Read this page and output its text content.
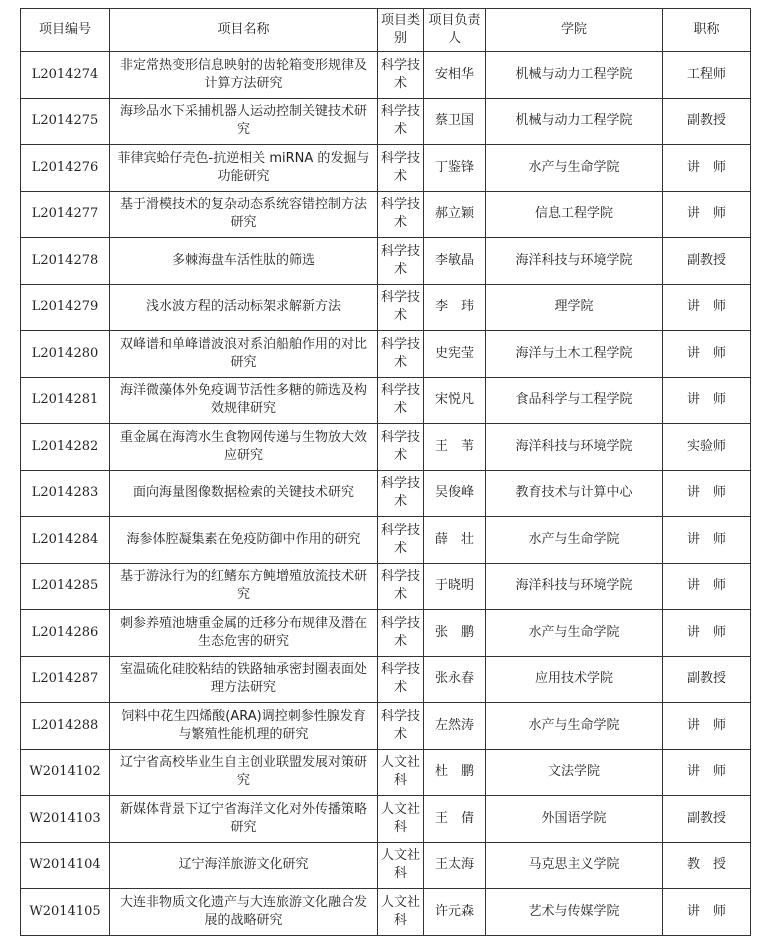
项目编号	项目名称	项目类别	项目负责人	学院	职称
L2014274	非定常热变形信息映射的齿轮箱变形规律及计算方法研究	科学技术	安相华	机械与动力工程学院	工程师
L2014275	海珍品水下采捕机器人运动控制关键技术研究	科学技术	蔡卫国	机械与动力工程学院	副教授
L2014276	菲律宾蛤仔壳色-抗逆相关 miRNA 的发掘与功能研究	科学技术	丁鉴锋	水产与生命学院	讲　师
L2014277	基于滑模技术的复杂动态系统容错控制方法研究	科学技术	郝立颖	信息工程学院	讲　师
L2014278	多棘海盘车活性肽的筛选	科学技术	李敏晶	海洋科技与环境学院	副教授
L2014279	浅水波方程的活动标架求解新方法	科学技术	李　玮	理学院	讲　师
L2014280	双峰谱和单峰谱波浪对系泊船舶作用的对比研究	科学技术	史宪莹	海洋与土木工程学院	讲　师
L2014281	海洋微藻体外免疫调节活性多糖的筛选及构效规律研究	科学技术	宋悦凡	食品科学与工程学院	讲　师
L2014282	重金属在海湾水生食物网传递与生物放大效应研究	科学技术	王　苇	海洋科技与环境学院	实验师
L2014283	面向海量图像数据检索的关键技术研究	科学技术	吴俊峰	教育技术与计算中心	讲　师
L2014284	海参体腔凝集素在免疫防御中作用的研究	科学技术	薛　壮	水产与生命学院	讲　师
L2014285	基于游泳行为的红鳍东方鲀增殖放流技术研究	科学技术	于晓明	海洋科技与环境学院	讲　师
L2014286	刺参养殖池塘重金属的迁移分布规律及潜在生态危害的研究	科学技术	张　鹏	水产与生命学院	讲　师
L2014287	室温硫化硅胶粘结的铁路轴承密封圈表面处理方法研究	科学技术	张永春	应用技术学院	副教授
L2014288	饲料中花生四烯酸(ARA)调控刺参性腺发育与繁殖性能机理的研究	科学技术	左然涛	水产与生命学院	讲　师
W2014102	辽宁省高校毕业生自主创业联盟发展对策研究	人文社科	杜　鹏	文法学院	讲　师
W2014103	新媒体背景下辽宁省海洋文化对外传播策略研究	人文社科	王　倩	外国语学院	副教授
W2014104	辽宁海洋旅游文化研究	人文社科	王太海	马克思主义学院	教　授
W2014105	大连非物质文化遗产与大连旅游文化融合发展的战略研究	人文社科	许元森	艺术与传媒学院	讲　师
